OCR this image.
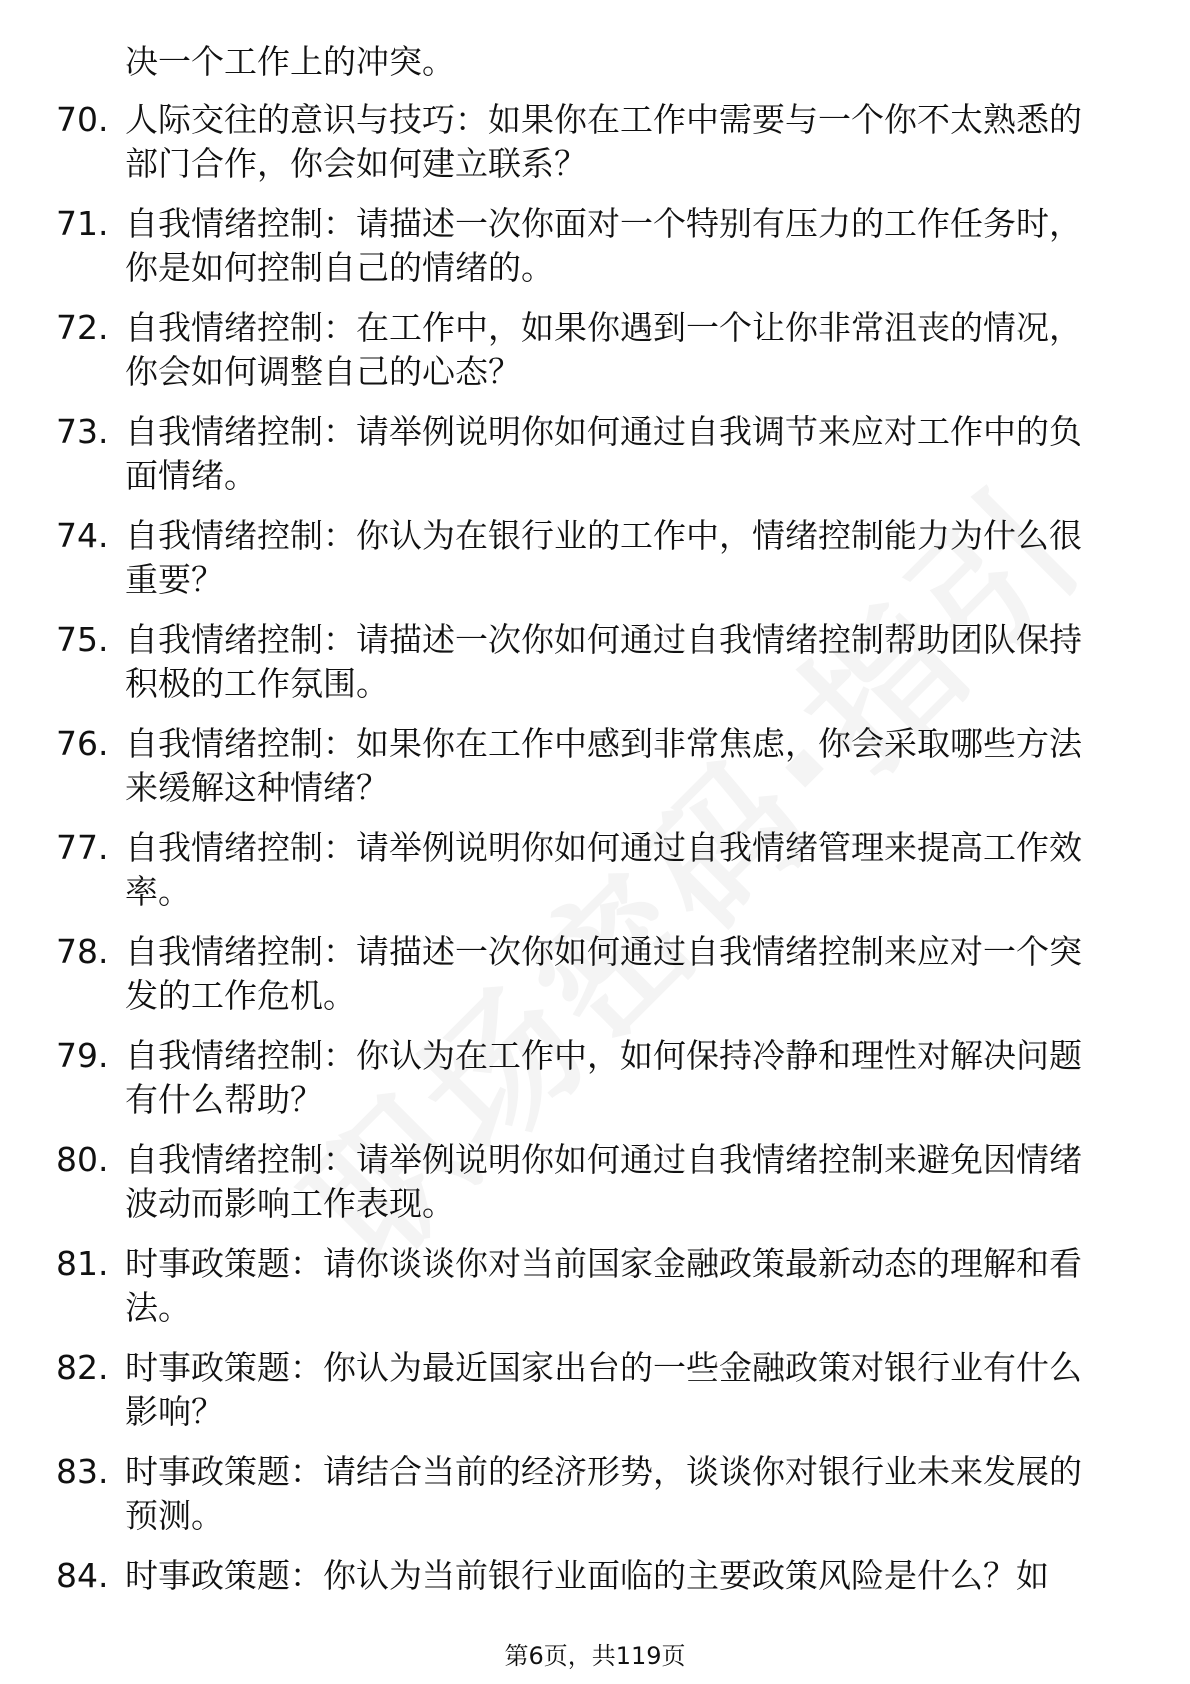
决一个工作上的冲突。
70. 人际交往的意识与技巧：如果你在工作中需要与一个你不太熟悉的部门合作，你会如何建立联系？
71. 自我情绪控制：请描述一次你面对一个特别有压力的工作任务时，你是如何控制自己的情绪的。
72. 自我情绪控制：在工作中，如果你遇到一个让你非常沮丧的情况，你会如何调整自己的心态？
73. 自我情绪控制：请举例说明你如何通过自我调节来应对工作中的负面情绪。
74. 自我情绪控制：你认为在银行业的工作中，情绪控制能力为什么很重要？
75. 自我情绪控制：请描述一次你如何通过自我情绪控制帮助团队保持积极的工作氛围。
76. 自我情绪控制：如果你在工作中感到非常焦虑，你会采取哪些方法来缓解这种情绪？
77. 自我情绪控制：请举例说明你如何通过自我情绪管理来提高工作效率。
78. 自我情绪控制：请描述一次你如何通过自我情绪控制来应对一个突发的工作危机。
79. 自我情绪控制：你认为在工作中，如何保持冷静和理性对解决问题有什么帮助？
80. 自我情绪控制：请举例说明你如何通过自我情绪控制来避免因情绪波动而影响工作表现。
81. 时事政策题：请你谈谈你对当前国家金融政策最新动态的理解和看法。
82. 时事政策题：你认为最近国家出台的一些金融政策对银行业有什么影响？
83. 时事政策题：请结合当前的经济形势，谈谈你对银行业未来发展的预测。
84. 时事政策题：你认为当前银行业面临的主要政策风险是什么？如
第6页，共119页
